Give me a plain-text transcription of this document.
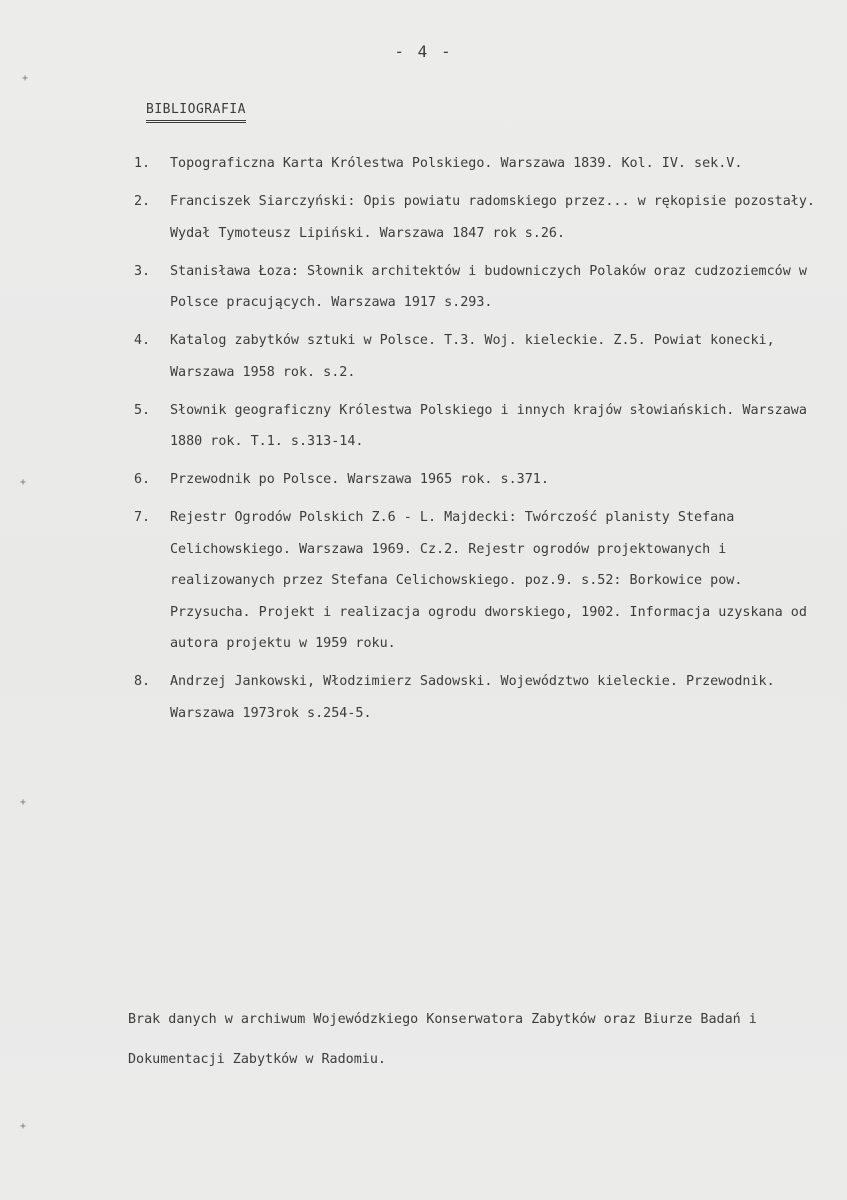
- 4 -
BIBLIOGRAFIA
1. Topograficzna Karta Królestwa Polskiego. Warszawa 1839. Kol. IV. sek.V.
2. Franciszek Siarczyński: Opis powiatu radomskiego przez... w rękopisie pozostały. Wydał Tymoteusz Lipiński. Warszawa 1847 rok s.26.
3. Stanisława Łoza: Słownik architektów i budowniczych Polaków oraz cudzoziemców w Polsce pracujących. Warszawa 1917 s.293.
4. Katalog zabytków sztuki w Polsce. T.3. Woj. kieleckie. Z.5. Powiat konecki, Warszawa 1958 rok. s.2.
5. Słownik geograficzny Królestwa Polskiego i innych krajów słowiańskich. Warszawa 1880 rok. T.1. s.313-14.
6. Przewodnik po Polsce. Warszawa 1965 rok. s.371.
7. Rejestr Ogrodów Polskich Z.6 - L. Majdecki: Twórczość planisty Stefana Celichowskiego. Warszawa 1969. Cz.2. Rejestr ogrodów projektowanych i realizowanych przez Stefana Celichowskiego. poz.9. s.52: Borkowice pow. Przysucha. Projekt i realizacja ogrodu dworskiego, 1902. Informacja uzyskana od autora projektu w 1959 roku.
8. Andrzej Jankowski, Włodzimierz Sadowski. Województwo kieleckie. Przewodnik. Warszawa 1973rok s.254-5.
Brak danych w archiwum Wojewódzkiego Konserwatora Zabytków oraz Biurze Badań i Dokumentacji Zabytków w Radomiu.
+
+
+
+
